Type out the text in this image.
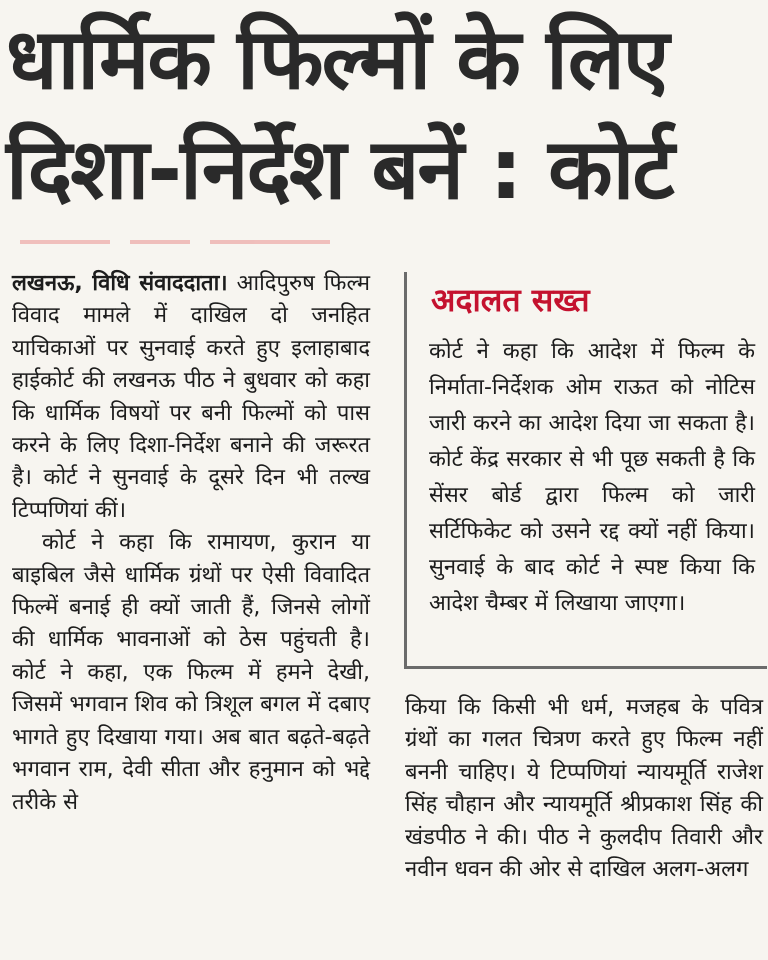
धार्मिक फिल्मों के लिए
दिशा-निर्देश बनें : कोर्ट

लखनऊ, विधि संवाददाता। आदिपुरुष फिल्म विवाद मामले में दाखिल दो जनहित याचिकाओं पर सुनवाई करते हुए इलाहाबाद हाईकोर्ट की लखनऊ पीठ ने बुधवार को कहा कि धार्मिक विषयों पर बनी फिल्मों को पास करने के लिए दिशा-निर्देश बनाने की जरूरत है। कोर्ट ने सुनवाई के दूसरे दिन भी तल्ख टिप्पणियां कीं।

कोर्ट ने कहा कि रामायण, कुरान या बाइबिल जैसे धार्मिक ग्रंथों पर ऐसी विवादित फिल्में बनाई ही क्यों जाती हैं, जिनसे लोगों की धार्मिक भावनाओं को ठेस पहुंचती है। कोर्ट ने कहा, एक फिल्म में हमने देखी, जिसमें भगवान शिव को त्रिशूल बगल में दबाए भागते हुए दिखाया गया। अब बात बढ़ते-बढ़ते भगवान राम, देवी सीता और हनुमान को भद्दे तरीके से

अदालत सख्त
कोर्ट ने कहा कि आदेश में फिल्म के निर्माता-निर्देशक ओम राऊत को नोटिस जारी करने का आदेश दिया जा सकता है। कोर्ट केंद्र सरकार से भी पूछ सकती है कि सेंसर बोर्ड द्वारा फिल्म को जारी सर्टिफिकेट को उसने रद्द क्यों नहीं किया। सुनवाई के बाद कोर्ट ने स्पष्ट किया कि आदेश चैम्बर में लिखाया जाएगा।

किया कि किसी भी धर्म, मजहब के पवित्र ग्रंथों का गलत चित्रण करते हुए फिल्म नहीं बननी चाहिए। ये टिप्पणियां न्यायमूर्ति राजेश सिंह चौहान और न्यायमूर्ति श्रीप्रकाश सिंह की खंडपीठ ने की। पीठ ने कुलदीप तिवारी और नवीन धवन की ओर से दाखिल अलग-अलग
